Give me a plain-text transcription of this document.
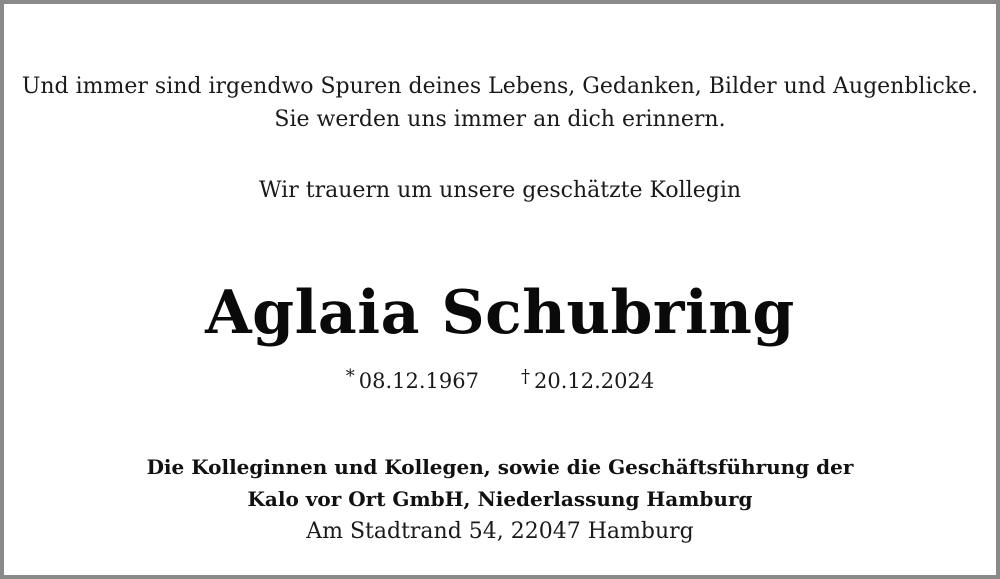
Und immer sind irgendwo Spuren deines Lebens, Gedanken, Bilder und Augenblicke.
Sie werden uns immer an dich erinnern.
Wir trauern um unsere geschätzte Kollegin
Aglaia Schubring
* 08.12.1967 † 20.12.2024
Die Kolleginnen und Kollegen, sowie die Geschäftsführung der
Kalo vor Ort GmbH, Niederlassung Hamburg
Am Stadtrand 54, 22047 Hamburg
